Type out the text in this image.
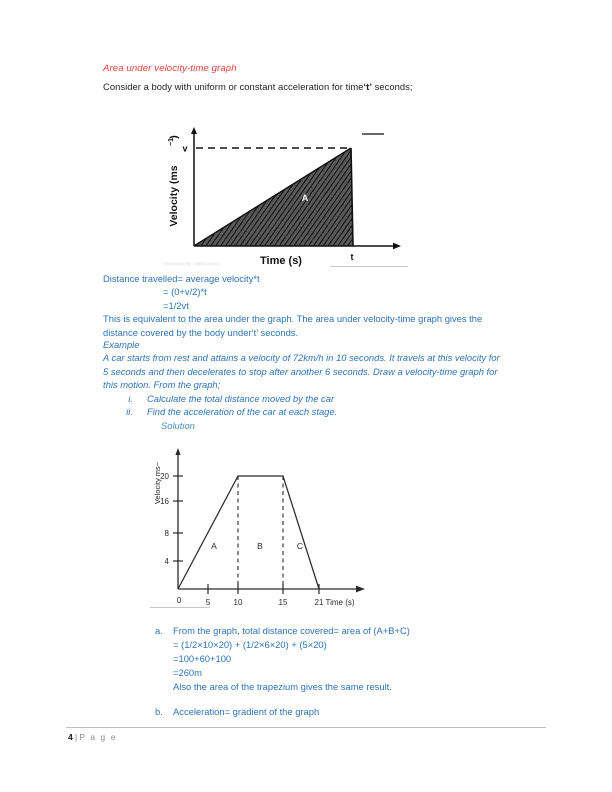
Area under velocity-time graph

Consider a body with uniform or constant acceleration for time‘t’ seconds;

v
t
A
Time (s)
Velocity (ms
−1
)
Generated by CamScanner

Distance travelled= average velocity*t

= (0+v/2)*t

=1/2vt

This is equivalent to the area under the graph. The area under velocity-time graph gives the

distance covered by the body under‘t’ seconds.

Example

A car starts from rest and attains a velocity of 72km/h in 10 seconds. It travels at this velocity for

5 seconds and then decelerates to stop after another 6 seconds. Draw a velocity-time graph for

this motion. From the graph;

i.	Calculate the total distance moved by the car
ii.	Find the acceleration of the car at each stage.
Solution
4
8
16
20
0	5	10	15	21
A	B	C
Time (s)
Velocity ms−
a.	From the graph, total distance covered= area of (A+B+C)
= (1/2×10×20) + (1/2×6×20) + (5×20)
=100+60+100
=260m
Also the area of the trapezium gives the same result.
b.	Acceleration= gradient of the graph
4 | P a g e
